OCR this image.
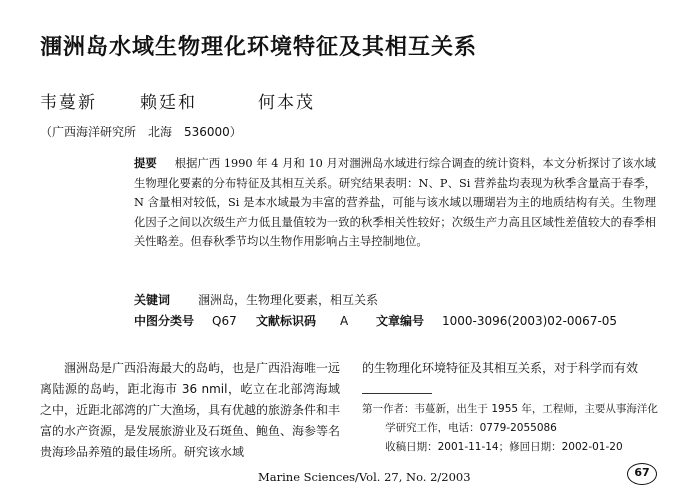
涠洲岛水域生物理化环境特征及其相互关系
韦蔓新	赖廷和	何本茂
（广西海洋研究所　北海　536000）
提要 根据广西 1990 年 4 月和 10 月对涠洲岛水域进行综合调查的统计资料，本文分析探讨了该水域生物理化要素的分布特征及其相互关系。研究结果表明：N、P、Si 营养盐均表现为秋季含量高于春季，N 含量相对较低，Si 是本水域最为丰富的营养盐，可能与该水域以珊瑚岩为主的地质结构有关。生物理化因子之间以次级生产力低且量值较为一致的秋季相关性较好；次级生产力高且区域性差值较大的春季相关性略差。但春秋季节均以生物作用影响占主导控制地位。
关键词 涠洲岛，生物理化要素，相互关系
中图分类号 Q67 文献标识码 A 文章编号 1000-3096(2003)02-0067-05

涠洲岛是广西沿海最大的岛屿，也是广西沿海唯一远离陆源的岛屿，距北海市 36 nmil，屹立在北部湾海域之中，近距北部湾的广大渔场，具有优越的旅游条件和丰富的水产资源，是发展旅游业及石斑鱼、鲍鱼、海参等名贵海珍品养殖的最佳场所。研究该水域

的生物理化环境特征及其相互关系，对于科学而有效
第一作者：韦蔓新，出生于 1955 年，工程师，主要从事海洋化
学研究工作，电话：0779-2055086
收稿日期：2001-11-14；修回日期：2002-01-20
Marine Sciences/Vol. 27, No. 2/2003	67
